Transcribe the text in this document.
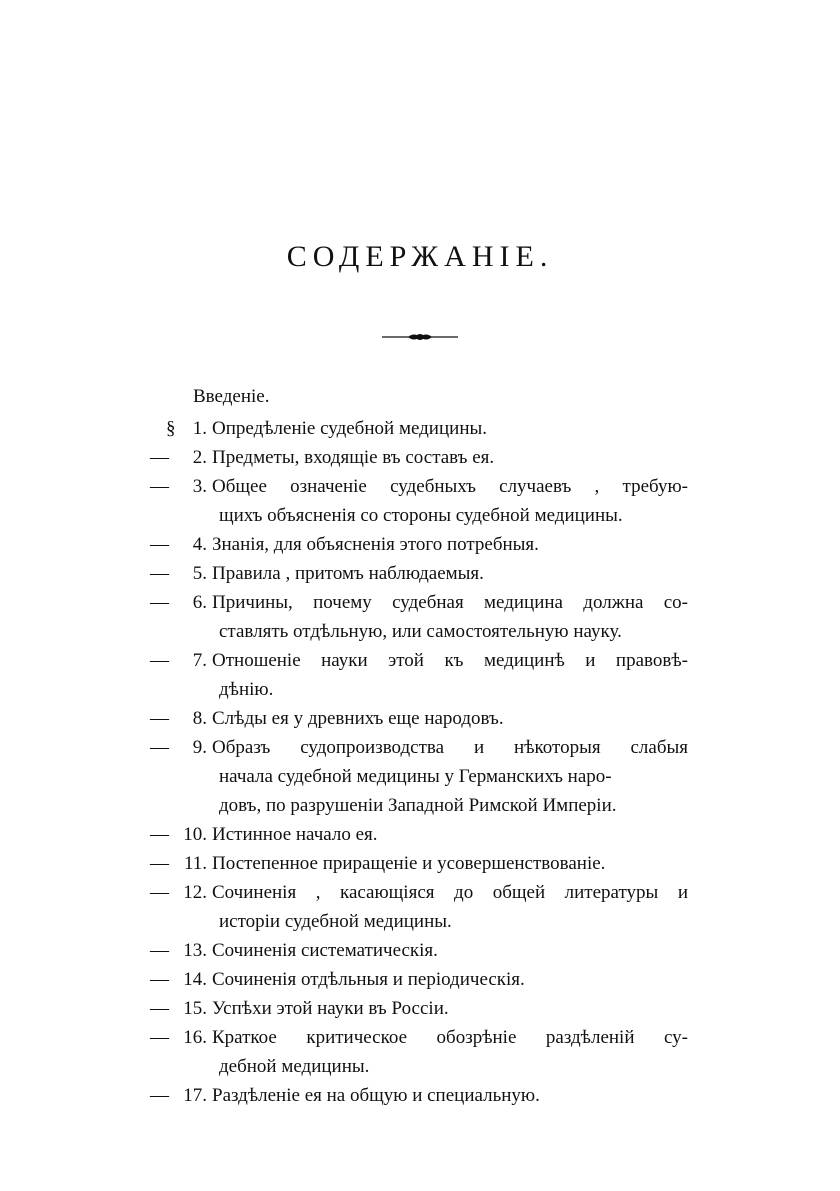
СОДЕРЖАНІЕ.
Введеніе.
§ 1. Опредѣленіе судебной медицины.
—	2. Предметы, входящіе въ составъ ея.
—	3. Общее означеніе судебныхъ случаевъ , требую-
щихъ объясненія со стороны судебной медицины.
—	4. Знанія, для объясненія этого потребныя.
—	5. Правила , притомъ наблюдаемыя.
—	6. Причины, почему судебная медицина должна со-
ставлять отдѣльную, или самостоятельную науку.
—	7. Отношеніе науки этой къ медицинѣ и правовѣ-
дѣнію.
—	8. Слѣды ея у древнихъ еще народовъ.
—	9. Образъ судопроизводства и нѣкоторыя слабыя
начала судебной медицины у Германскихъ наро-
довъ, по разрушеніи Западной Римской Имперіи.
— 10. Истинное начало ея.
— 11. Постепенное приращеніе и усовершенствованіе.
— 12. Сочиненія , касающіяся до общей литературы и
исторіи судебной медицины.
— 13. Сочиненія систематическія.
— 14. Сочиненія отдѣльныя и періодическія.
— 15. Успѣхи этой науки въ Россіи.
— 16. Краткое критическое обозрѣніе раздѣленій су-
дебной медицины.
— 17. Раздѣленіе ея на общую и специальную.
